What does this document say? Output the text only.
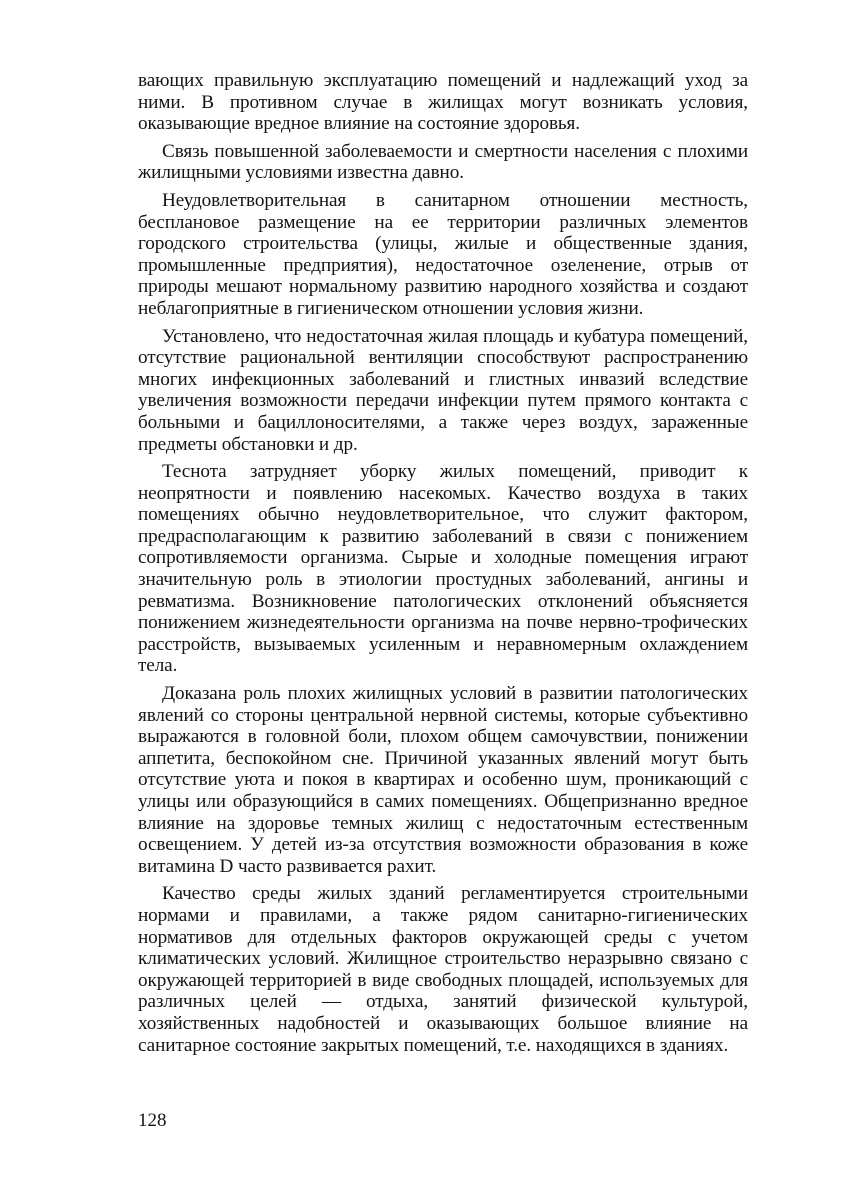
вающих правильную эксплуатацию помещений и надлежащий уход за ними. В противном случае в жилищах могут возникать условия, оказывающие вредное влияние на состояние здоровья.

Связь повышенной заболеваемости и смертности населения с плохими жилищными условиями известна давно.

Неудовлетворительная в санитарном отношении местность, бесплановое размещение на ее территории различных элементов городского строительства (улицы, жилые и общественные здания, промышленные предприятия), недостаточное озеленение, отрыв от природы мешают нормальному развитию народного хозяйства и создают неблагоприятные в гигиеническом отношении условия жизни.

Установлено, что недостаточная жилая площадь и кубатура помещений, отсутствие рациональной вентиляции способствуют распространению многих инфекционных заболеваний и глистных инвазий вследствие увеличения возможности передачи инфекции путем прямого контакта с больными и бациллоносителями, а также через воздух, зараженные предметы обстановки и др.

Теснота затрудняет уборку жилых помещений, приводит к неопрятности и появлению насекомых. Качество воздуха в таких помещениях обычно неудовлетворительное, что служит фактором, предрасполагающим к развитию заболеваний в связи с понижением сопротивляемости организма. Сырые и холодные помещения играют значительную роль в этиологии простудных заболеваний, ангины и ревматизма. Возникновение патологических отклонений объясняется понижением жизнедеятельности организма на почве нервно-трофических расстройств, вызываемых усиленным и неравномерным охлаждением тела.

Доказана роль плохих жилищных условий в развитии патологических явлений со стороны центральной нервной системы, которые субъективно выражаются в головной боли, плохом общем самочувствии, понижении аппетита, беспокойном сне. Причиной указанных явлений могут быть отсутствие уюта и покоя в квартирах и особенно шум, проникающий с улицы или образующийся в самих помещениях. Общепризнанно вредное влияние на здоровье темных жилищ с недостаточным естественным освещением. У детей из-за отсутствия возможности образования в коже витамина D часто развивается рахит.

Качество среды жилых зданий регламентируется строительными нормами и правилами, а также рядом санитарно-гигиенических нормативов для отдельных факторов окружающей среды с учетом климатических условий. Жилищное строительство неразрывно связано с окружающей территорией в виде свободных площадей, используемых для различных целей — отдыха, занятий физической культурой, хозяйственных надобностей и оказывающих большое влияние на санитарное состояние закрытых помещений, т.е. находящихся в зданиях.

128
